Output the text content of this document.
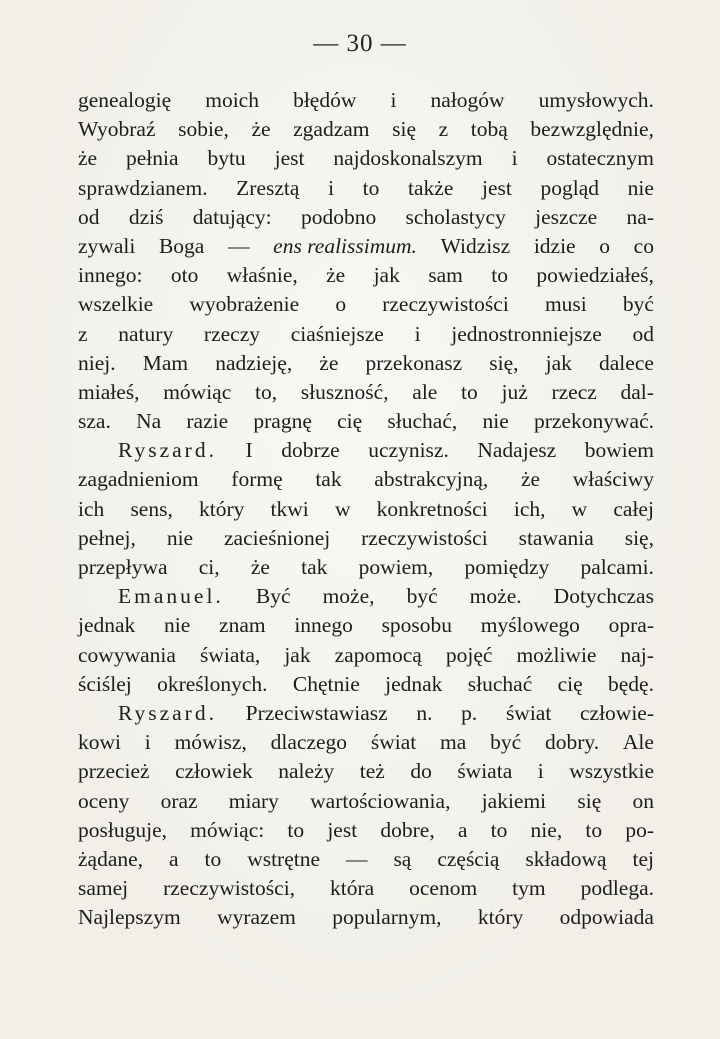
— 30 —
genealogię moich błędów i nałogów umysłowych.
Wyobraź sobie, że zgadzam się z tobą bezwzględnie,
że pełnia bytu jest najdoskonalszym i ostatecznym
sprawdzianem. Zresztą i to także jest pogląd nie
od dziś datujący: podobno scholastycy jeszcze na-
zywali Boga — ens realissimum. Widzisz idzie o co
innego: oto właśnie, że jak sam to powiedziałeś,
wszelkie wyobrażenie o rzeczywistości musi być
z natury rzeczy ciaśniejsze i jednostronniejsze od
niej. Mam nadzieję, że przekonasz się, jak dalece
miałeś, mówiąc to, słuszność, ale to już rzecz dal-
sza. Na razie pragnę cię słuchać, nie przekonywać.
Ryszard. I dobrze uczynisz. Nadajesz bowiem
zagadnieniom formę tak abstrakcyjną, że właściwy
ich sens, który tkwi w konkretności ich, w całej
pełnej, nie zacieśnionej rzeczywistości stawania się,
przepływa ci, że tak powiem, pomiędzy palcami.
Emanuel. Być może, być może. Dotychczas
jednak nie znam innego sposobu myślowego opra-
cowywania świata, jak zapomocą pojęć możliwie naj-
ściślej określonych. Chętnie jednak słuchać cię będę.
Ryszard. Przeciwstawiasz n. p. świat człowie-
kowi i mówisz, dlaczego świat ma być dobry. Ale
przecież człowiek należy też do świata i wszystkie
oceny oraz miary wartościowania, jakiemi się on
posługuje, mówiąc: to jest dobre, a to nie, to po-
żądane, a to wstrętne — są częścią składową tej
samej rzeczywistości, która ocenom tym podlega.
Najlepszym wyrazem popularnym, który odpowiada
